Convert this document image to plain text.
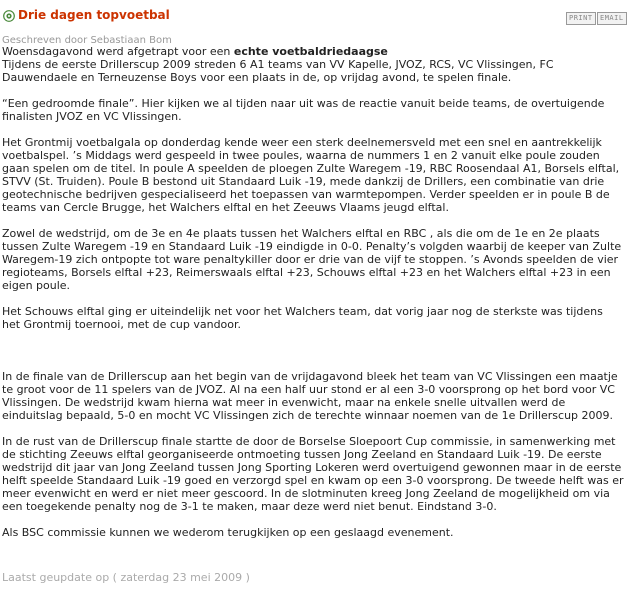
Drie dagen topvoetbal	PRINT	EMAIL
Geschreven door Sebastiaan Bom

Woensdagavond werd afgetrapt voor een echte voetbaldriedaagse

Tijdens de eerste Drillerscup 2009 streden 6 A1 teams van VV Kapelle, JVOZ, RCS, VC Vlissingen, FC Dauwendaele en Terneuzense Boys voor een plaats in de, op vrijdag avond, te spelen finale.

“Een gedroomde finale”. Hier kijken we al tijden naar uit was de reactie vanuit beide teams, de overtuigende finalisten JVOZ en VC Vlissingen.

Het Grontmij voetbalgala op donderdag kende weer een sterk deelnemersveld met een snel en aantrekkelijk voetbalspel. ’s Middags werd gespeeld in twee poules, waarna de nummers 1 en 2 vanuit elke poule zouden gaan spelen om de titel. In poule A speelden de ploegen Zulte Waregem -19, RBC Roosendaal A1, Borsels elftal, STVV (St. Truiden). Poule B bestond uit Standaard Luik -19, mede dankzij de Drillers, een combinatie van drie geotechnische bedrijven gespecialiseerd het toepassen van warmtepompen. Verder speelden er in poule B de teams van Cercle Brugge, het Walchers elftal en het Zeeuws Vlaams jeugd elftal.

Zowel de wedstrijd, om de 3e en 4e plaats tussen het Walchers elftal en RBC , als die om de 1e en 2e plaats tussen Zulte Waregem -19 en Standaard Luik -19 eindigde in 0-0. Penalty’s volgden waarbij de keeper van Zulte Waregem-19 zich ontpopte tot ware penaltykiller door er drie van de vijf te stoppen. ’s Avonds speelden de vier regioteams, Borsels elftal +23, Reimerswaals elftal +23, Schouws elftal +23 en het Walchers elftal +23 in een eigen poule.

Het Schouws elftal ging er uiteindelijk net voor het Walchers team, dat vorig jaar nog de sterkste was tijdens het Grontmij toernooi, met de cup vandoor.

In de finale van de Drillerscup aan het begin van de vrijdagavond bleek het team van VC Vlissingen een maatje te groot voor de 11 spelers van de JVOZ. Al na een half uur stond er al een 3-0 voorsprong op het bord voor VC Vlissingen. De wedstrijd kwam hierna wat meer in evenwicht, maar na enkele snelle uitvallen werd de einduitslag bepaald, 5-0 en mocht VC Vlissingen zich de terechte winnaar noemen van de 1e Drillerscup 2009.

In de rust van de Drillerscup finale startte de door de Borselse Sloepoort Cup commissie, in samenwerking met de stichting Zeeuws elftal georganiseerde ontmoeting tussen Jong Zeeland en Standaard Luik -19. De eerste wedstrijd dit jaar van Jong Zeeland tussen Jong Sporting Lokeren werd overtuigend gewonnen maar in de eerste helft speelde Standaard Luik -19 goed en verzorgd spel en kwam op een 3-0 voorsprong. De tweede helft was er meer evenwicht en werd er niet meer gescoord. In de slotminuten kreeg Jong Zeeland de mogelijkheid om via een toegekende penalty nog de 3-1 te maken, maar deze werd niet benut. Eindstand 3-0.

Als BSC commissie kunnen we wederom terugkijken op een geslaagd evenement.

Laatst geupdate op ( zaterdag 23 mei 2009 )
